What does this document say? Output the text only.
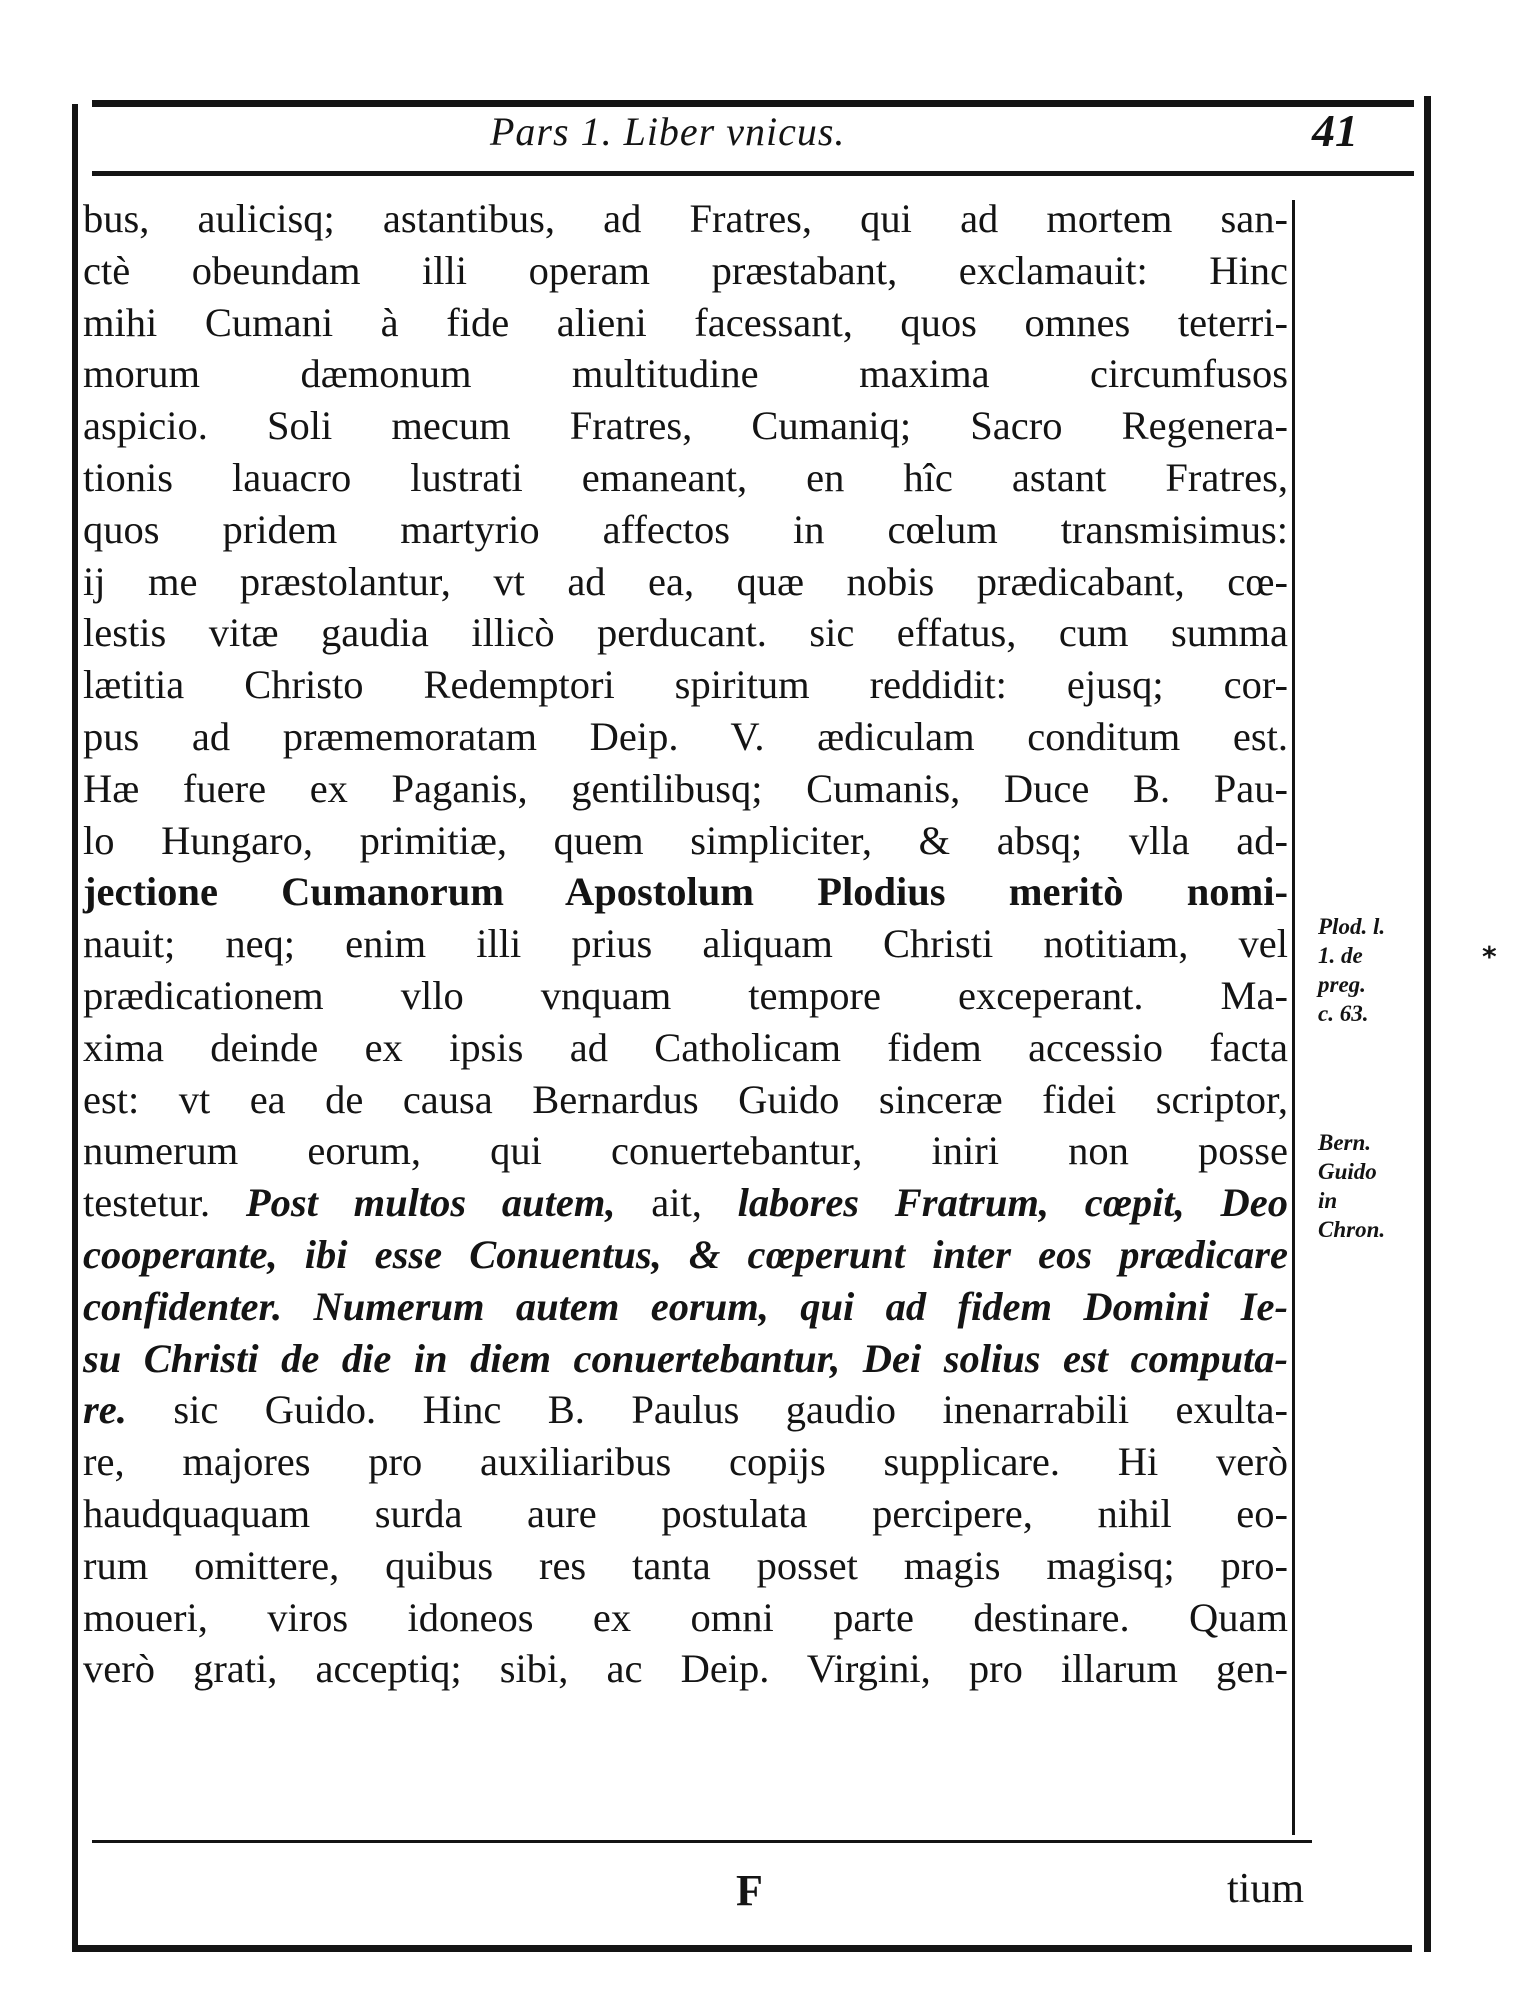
Pars 1. Liber vnicus.	41
bus, aulicisq; astantibus, ad Fratres, qui ad mortem san-
ctè obeundam illi operam præstabant, exclamauit: Hinc
mihi Cumani à fide alieni facessant, quos omnes teterri-
morum dæmonum multitudine maxima circumfusos
aspicio. Soli mecum Fratres, Cumaniq; Sacro Regenera-
tionis lauacro lustrati emaneant, en hîc astant Fratres,
quos pridem martyrio affectos in cœlum transmisimus:
ij me præstolantur, vt ad ea, quæ nobis prædicabant, cœ-
lestis vitæ gaudia illicò perducant. sic effatus, cum summa
lætitia Christo Redemptori spiritum reddidit: ejusq; cor-
pus ad præmemoratam Deip. V. ædiculam conditum est.
Hæ fuere ex Paganis, gentilibusq; Cumanis, Duce B. Pau-
lo Hungaro, primitiæ, quem simpliciter, & absq; vlla ad-
jectione Cumanorum Apostolum Plodius meritò nomi-
nauit; neq; enim illi prius aliquam Christi notitiam, vel
prædicationem vllo vnquam tempore exceperant. Ma-
xima deinde ex ipsis ad Catholicam fidem accessio facta
est: vt ea de causa Bernardus Guido sinceræ fidei scriptor,
numerum eorum, qui conuertebantur, iniri non posse
testetur. Post multos autem, ait, labores Fratrum, cœpit, Deo
cooperante, ibi esse Conuentus, & cœperunt inter eos prædicare
confidenter. Numerum autem eorum, qui ad fidem Domini Ie-
su Christi de die in diem conuertebantur, Dei solius est computa-
re. sic Guido. Hinc B. Paulus gaudio inenarrabili exulta-
re, majores pro auxiliaribus copijs supplicare. Hi verò
haudquaquam surda aure postulata percipere, nihil eo-
rum omittere, quibus res tanta posset magis magisq; pro-
moueri, viros idoneos ex omni parte destinare. Quam
verò grati, acceptiq; sibi, ac Deip. Virgini, pro illarum gen-
Plod. l.
1. de
preg.
c. 63.
Bern.
Guido
in
Chron.
*
F	tium
